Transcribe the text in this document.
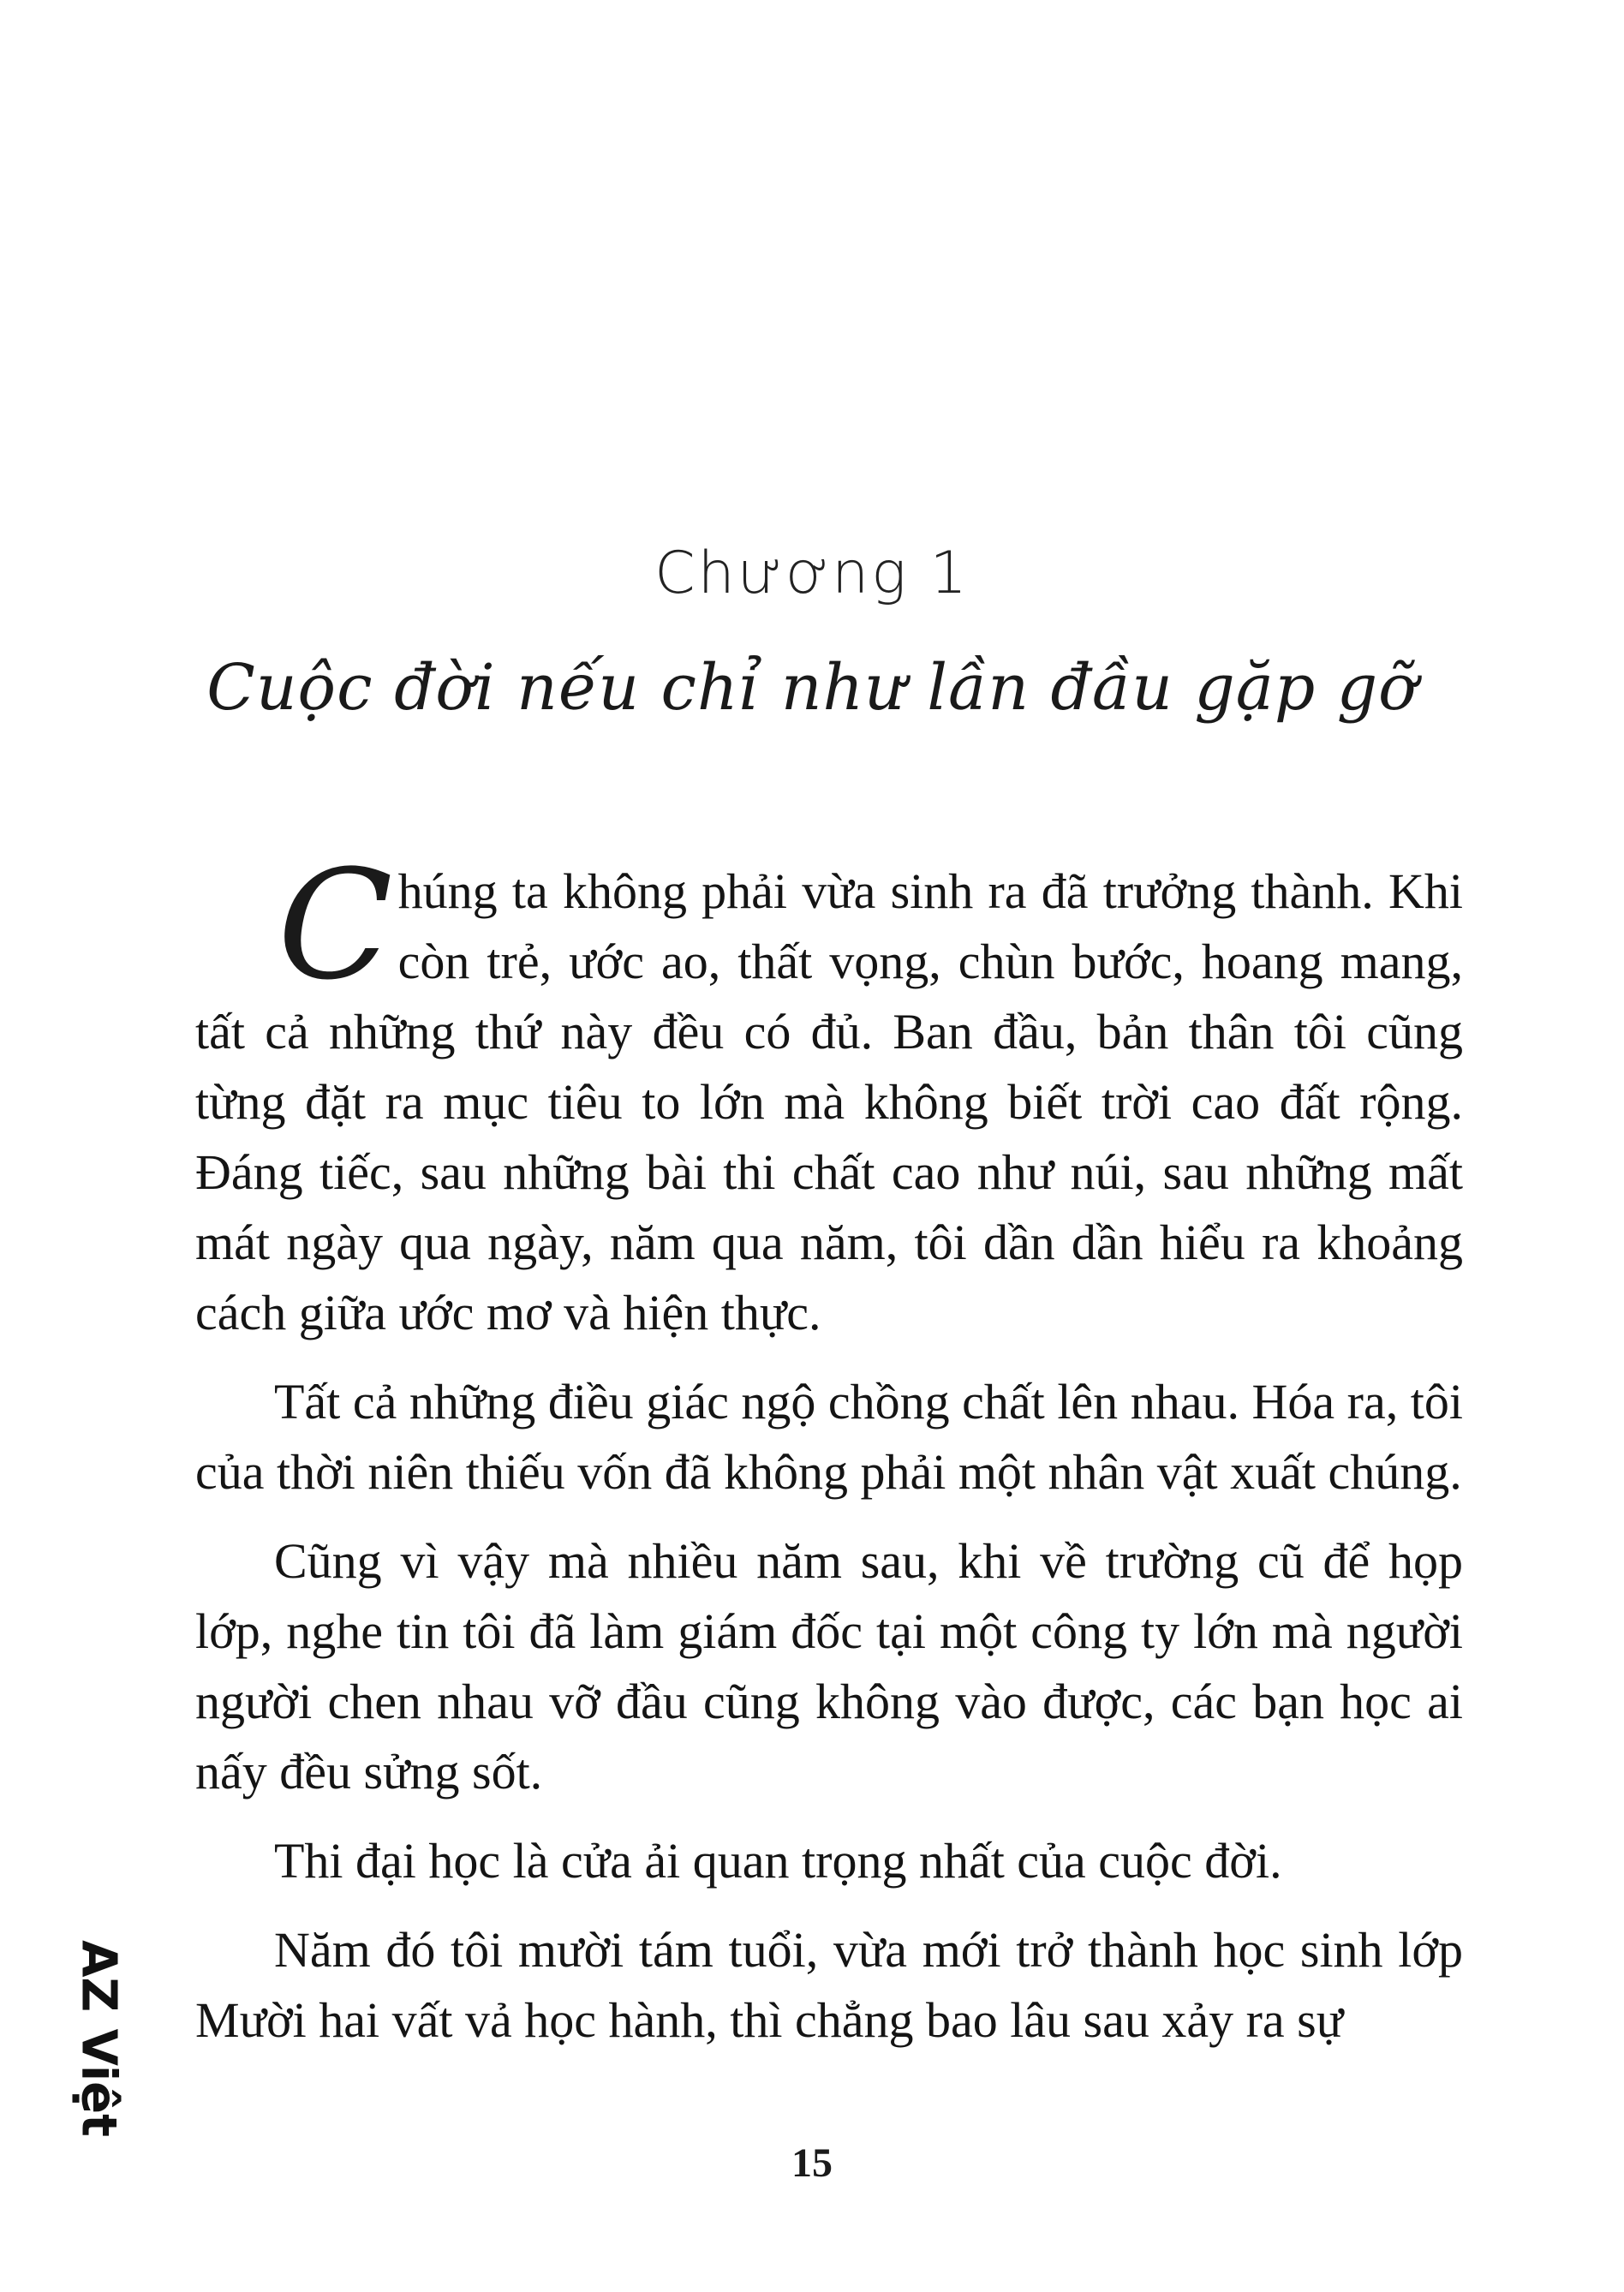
Chương 1
Cuộc đời nếu chỉ như lần đầu gặp gỡ

Chúng ta không phải vừa sinh ra đã trưởng thành. Khi còn trẻ, ước ao, thất vọng, chùn bước, hoang mang, tất cả những thứ này đều có đủ. Ban đầu, bản thân tôi cũng từng đặt ra mục tiêu to lớn mà không biết trời cao đất rộng. Đáng tiếc, sau những bài thi chất cao như núi, sau những mất mát ngày qua ngày, năm qua năm, tôi dần dần hiểu ra khoảng cách giữa ước mơ và hiện thực.

Tất cả những điều giác ngộ chồng chất lên nhau. Hóa ra, tôi của thời niên thiếu vốn đã không phải một nhân vật xuất chúng.

Cũng vì vậy mà nhiều năm sau, khi về trường cũ để họp lớp, nghe tin tôi đã làm giám đốc tại một công ty lớn mà người người chen nhau vỡ đầu cũng không vào được, các bạn học ai nấy đều sửng sốt.

Thi đại học là cửa ải quan trọng nhất của cuộc đời.

Năm đó tôi mười tám tuổi, vừa mới trở thành học sinh lớp Mười hai vất vả học hành, thì chẳng bao lâu sau xảy ra sự

AZ Việt
15
